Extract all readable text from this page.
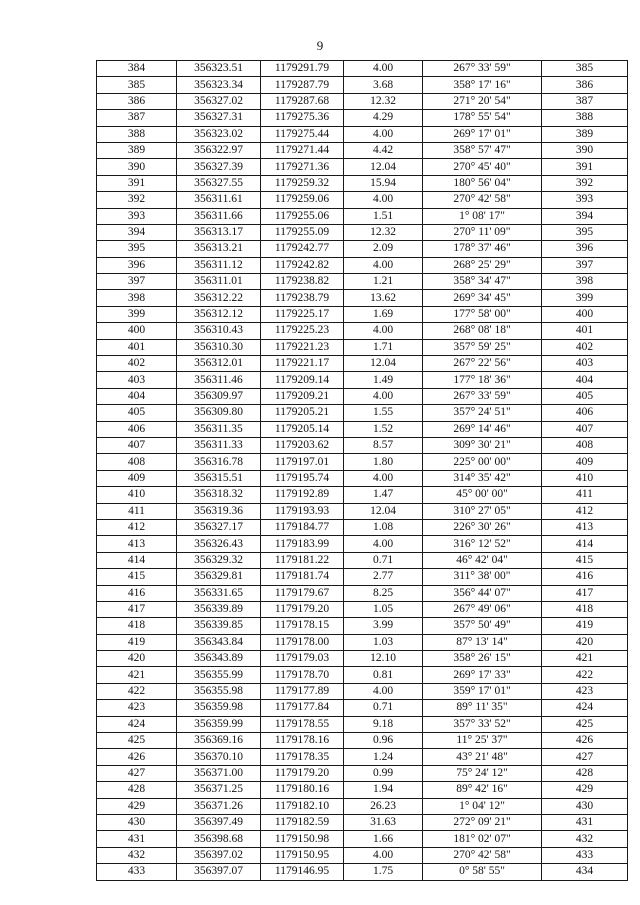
9
384	356323.51	1179291.79	4.00	267° 33' 59"	385
385	356323.34	1179287.79	3.68	358° 17' 16"	386
386	356327.02	1179287.68	12.32	271° 20' 54"	387
387	356327.31	1179275.36	4.29	178° 55' 54"	388
388	356323.02	1179275.44	4.00	269° 17' 01"	389
389	356322.97	1179271.44	4.42	358° 57' 47"	390
390	356327.39	1179271.36	12.04	270° 45' 40"	391
391	356327.55	1179259.32	15.94	180° 56' 04"	392
392	356311.61	1179259.06	4.00	270° 42' 58"	393
393	356311.66	1179255.06	1.51	1° 08' 17"	394
394	356313.17	1179255.09	12.32	270° 11' 09"	395
395	356313.21	1179242.77	2.09	178° 37' 46"	396
396	356311.12	1179242.82	4.00	268° 25' 29"	397
397	356311.01	1179238.82	1.21	358° 34' 47"	398
398	356312.22	1179238.79	13.62	269° 34' 45"	399
399	356312.12	1179225.17	1.69	177° 58' 00"	400
400	356310.43	1179225.23	4.00	268° 08' 18"	401
401	356310.30	1179221.23	1.71	357° 59' 25"	402
402	356312.01	1179221.17	12.04	267° 22' 56"	403
403	356311.46	1179209.14	1.49	177° 18' 36"	404
404	356309.97	1179209.21	4.00	267° 33' 59"	405
405	356309.80	1179205.21	1.55	357° 24' 51"	406
406	356311.35	1179205.14	1.52	269° 14' 46"	407
407	356311.33	1179203.62	8.57	309° 30' 21"	408
408	356316.78	1179197.01	1.80	225° 00' 00"	409
409	356315.51	1179195.74	4.00	314° 35' 42"	410
410	356318.32	1179192.89	1.47	45° 00' 00"	411
411	356319.36	1179193.93	12.04	310° 27' 05"	412
412	356327.17	1179184.77	1.08	226° 30' 26"	413
413	356326.43	1179183.99	4.00	316° 12' 52"	414
414	356329.32	1179181.22	0.71	46° 42' 04"	415
415	356329.81	1179181.74	2.77	311° 38' 00"	416
416	356331.65	1179179.67	8.25	356° 44' 07"	417
417	356339.89	1179179.20	1.05	267° 49' 06"	418
418	356339.85	1179178.15	3.99	357° 50' 49"	419
419	356343.84	1179178.00	1.03	87° 13' 14"	420
420	356343.89	1179179.03	12.10	358° 26' 15"	421
421	356355.99	1179178.70	0.81	269° 17' 33"	422
422	356355.98	1179177.89	4.00	359° 17' 01"	423
423	356359.98	1179177.84	0.71	89° 11' 35"	424
424	356359.99	1179178.55	9.18	357° 33' 52"	425
425	356369.16	1179178.16	0.96	11° 25' 37"	426
426	356370.10	1179178.35	1.24	43° 21' 48"	427
427	356371.00	1179179.20	0.99	75° 24' 12"	428
428	356371.25	1179180.16	1.94	89° 42' 16"	429
429	356371.26	1179182.10	26.23	1° 04' 12"	430
430	356397.49	1179182.59	31.63	272° 09' 21"	431
431	356398.68	1179150.98	1.66	181° 02' 07"	432
432	356397.02	1179150.95	4.00	270° 42' 58"	433
433	356397.07	1179146.95	1.75	0° 58' 55"	434
